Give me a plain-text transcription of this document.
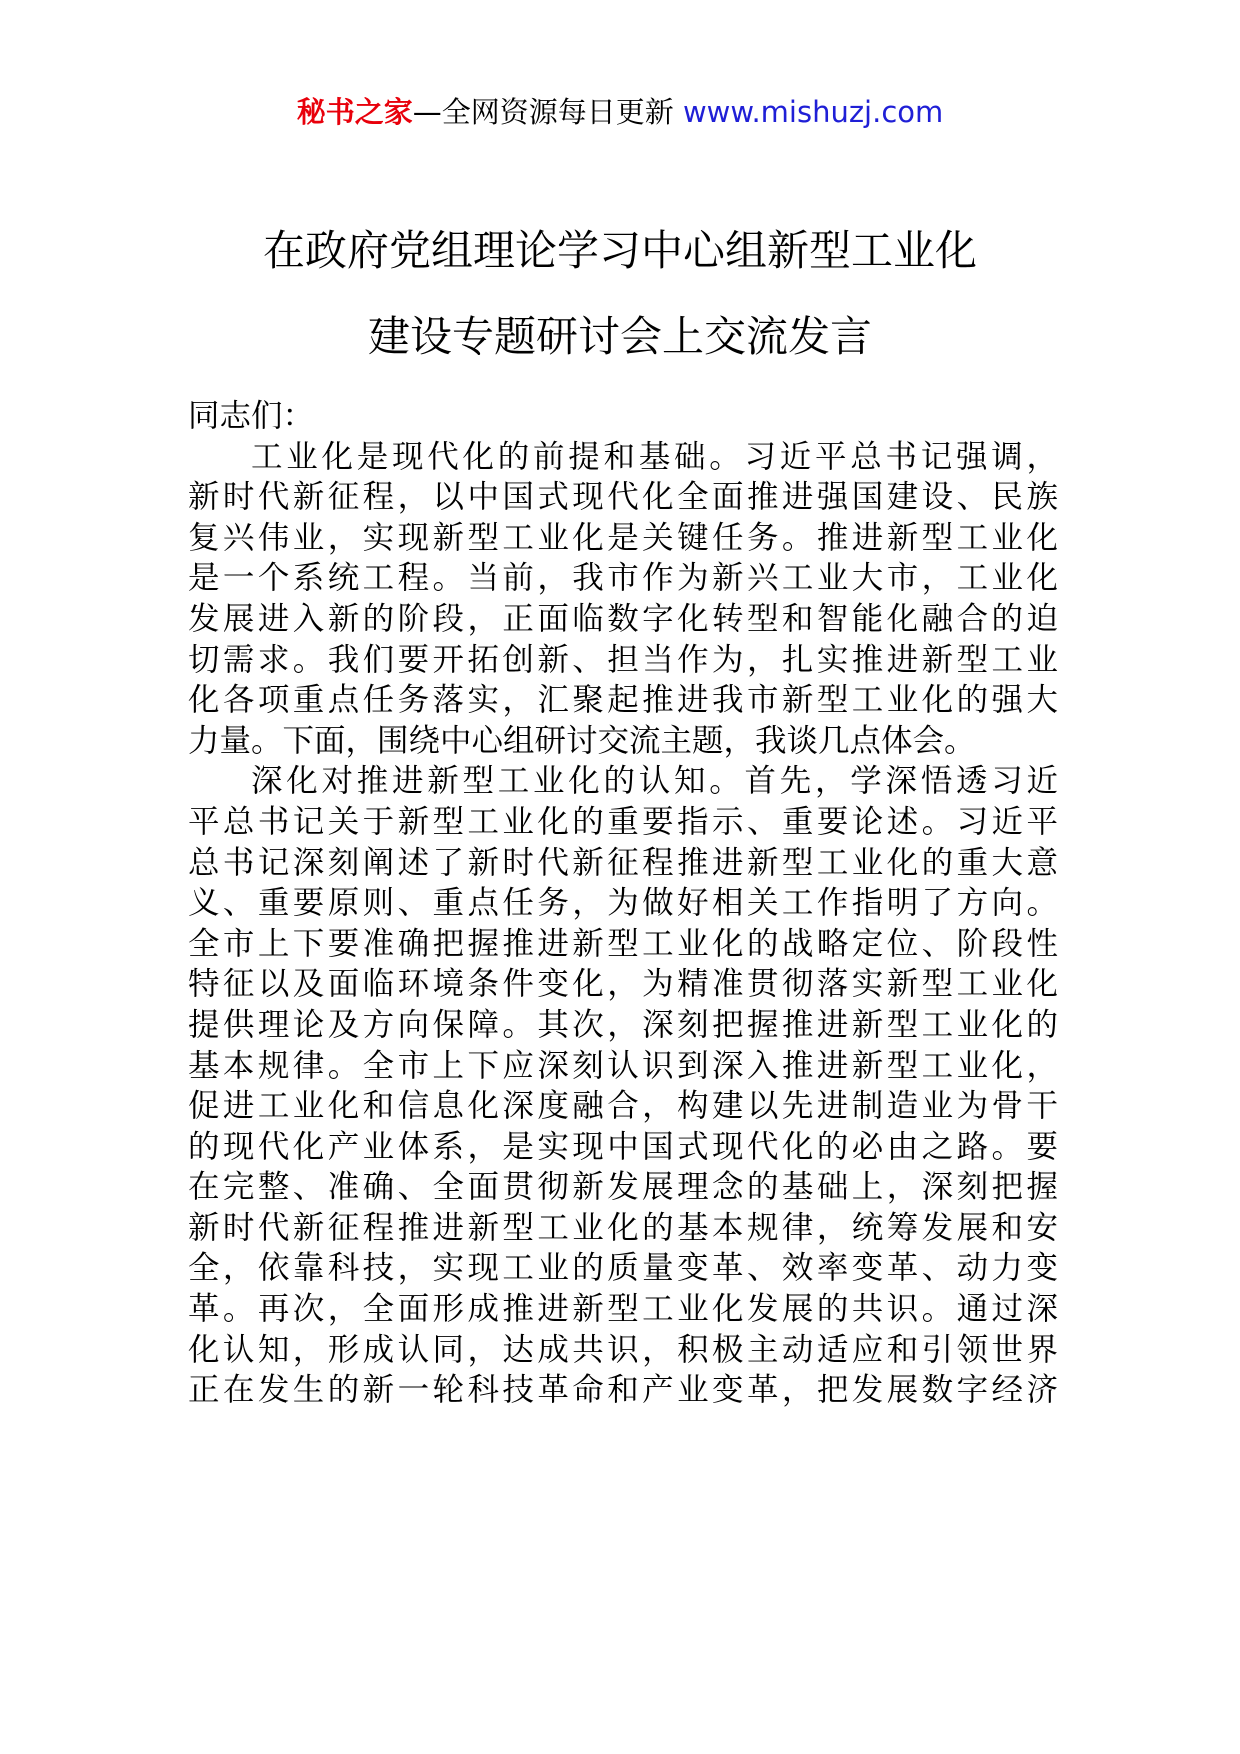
秘书之家—全网资源每日更新 www.mishuzj.com
在政府党组理论学习中心组新型工业化
建设专题研讨会上交流发言
同志们：
工业化是现代化的前提和基础。习近平总书记强调，
新时代新征程，以中国式现代化全面推进强国建设、民族
复兴伟业，实现新型工业化是关键任务。推进新型工业化
是一个系统工程。当前，我市作为新兴工业大市，工业化
发展进入新的阶段，正面临数字化转型和智能化融合的迫
切需求。我们要开拓创新、担当作为，扎实推进新型工业
化各项重点任务落实，汇聚起推进我市新型工业化的强大
力量。下面，围绕中心组研讨交流主题，我谈几点体会。
深化对推进新型工业化的认知。首先，学深悟透习近
平总书记关于新型工业化的重要指示、重要论述。习近平
总书记深刻阐述了新时代新征程推进新型工业化的重大意
义、重要原则、重点任务，为做好相关工作指明了方向。
全市上下要准确把握推进新型工业化的战略定位、阶段性
特征以及面临环境条件变化，为精准贯彻落实新型工业化
提供理论及方向保障。其次，深刻把握推进新型工业化的
基本规律。全市上下应深刻认识到深入推进新型工业化，
促进工业化和信息化深度融合，构建以先进制造业为骨干
的现代化产业体系，是实现中国式现代化的必由之路。要
在完整、准确、全面贯彻新发展理念的基础上，深刻把握
新时代新征程推进新型工业化的基本规律，统筹发展和安
全，依靠科技，实现工业的质量变革、效率变革、动力变
革。再次，全面形成推进新型工业化发展的共识。通过深
化认知，形成认同，达成共识，积极主动适应和引领世界
正在发生的新一轮科技革命和产业变革，把发展数字经济
